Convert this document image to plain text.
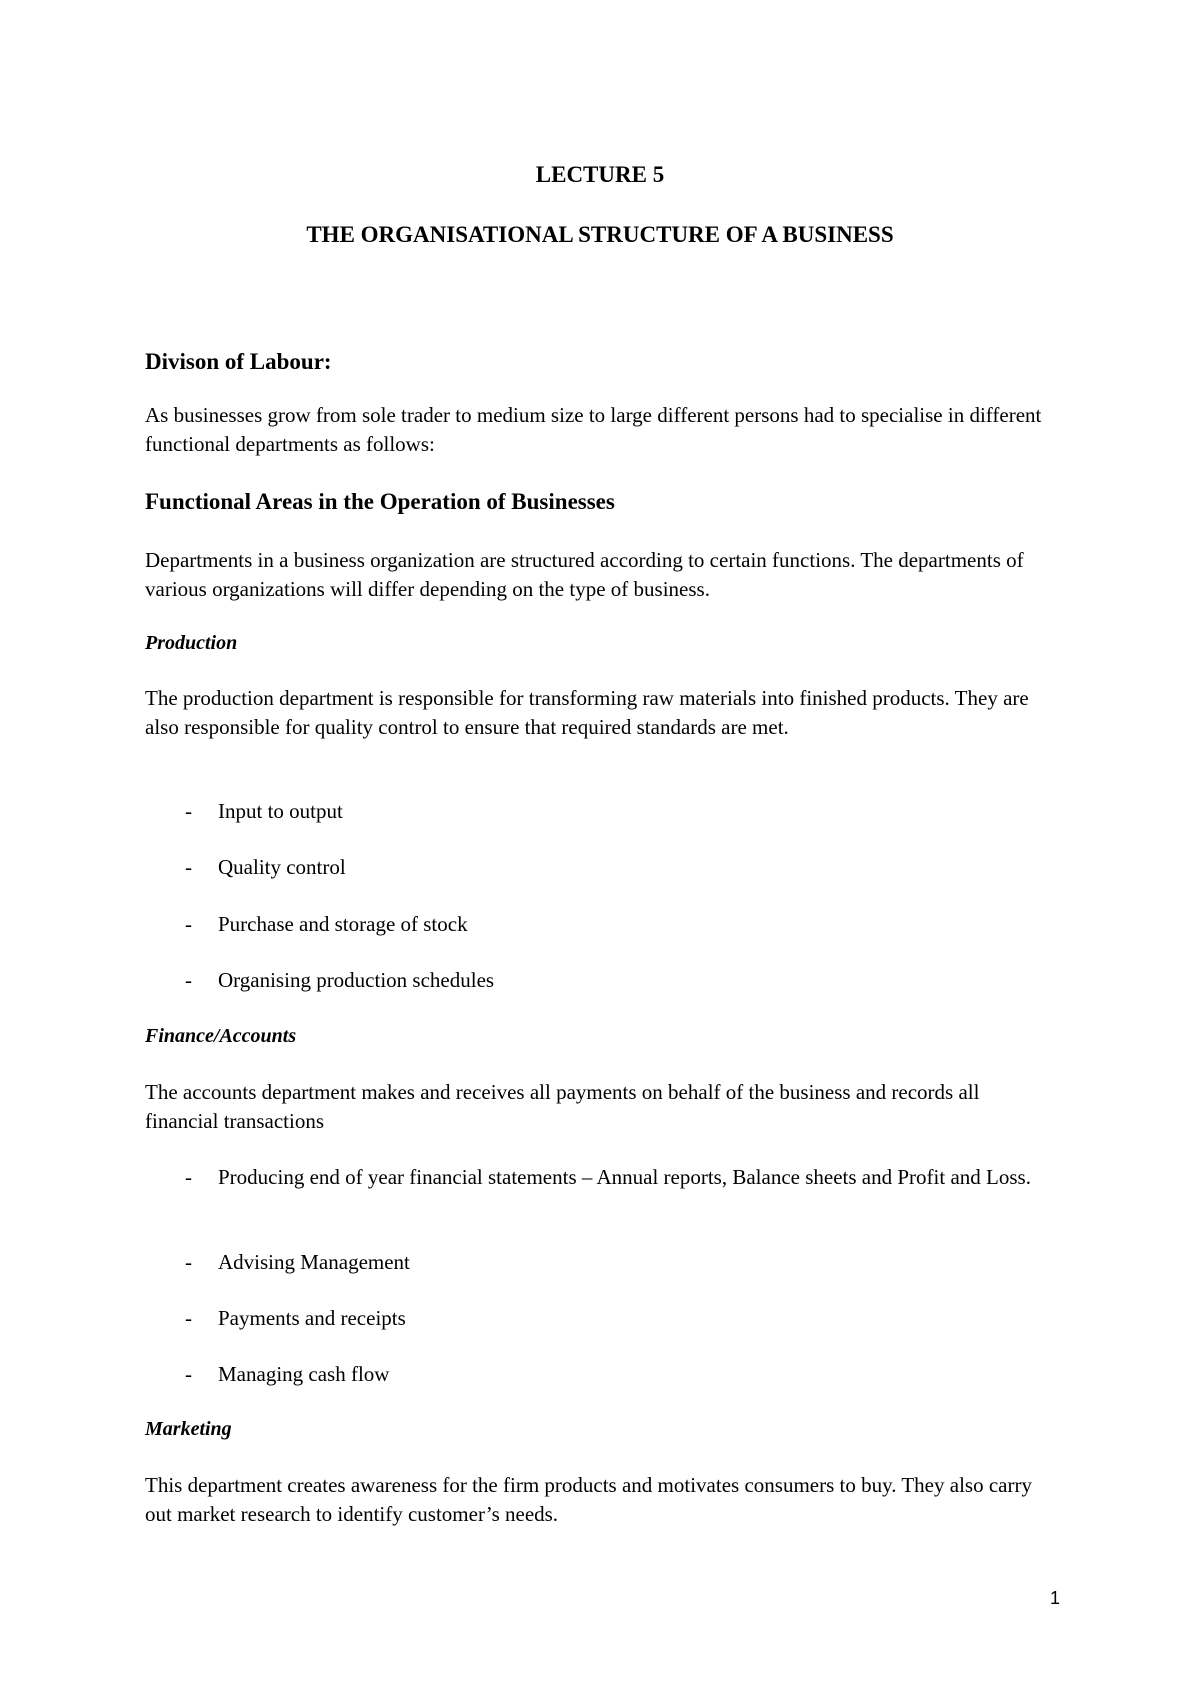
LECTURE 5
THE ORGANISATIONAL STRUCTURE OF A BUSINESS
Divison of Labour:
As businesses grow from sole trader to medium size to large different persons had to specialise in different functional departments as follows:
Functional Areas in the Operation of Businesses
Departments in a business organization are structured according to certain functions. The departments of various organizations will differ depending on the type of business.
Production
The production department is responsible for transforming raw materials into finished products. They are also responsible for quality control to ensure that required standards are met.
- Input to output
- Quality control
- Purchase and storage of stock
- Organising production schedules
Finance/Accounts
The accounts department makes and receives all payments on behalf of the business and records all financial transactions
- Producing end of year financial statements – Annual reports, Balance sheets and Profit and Loss.
- Advising Management
- Payments and receipts
- Managing cash flow
Marketing
This department creates awareness for the firm products and motivates consumers to buy. They also carry out market research to identify customer’s needs.
1
